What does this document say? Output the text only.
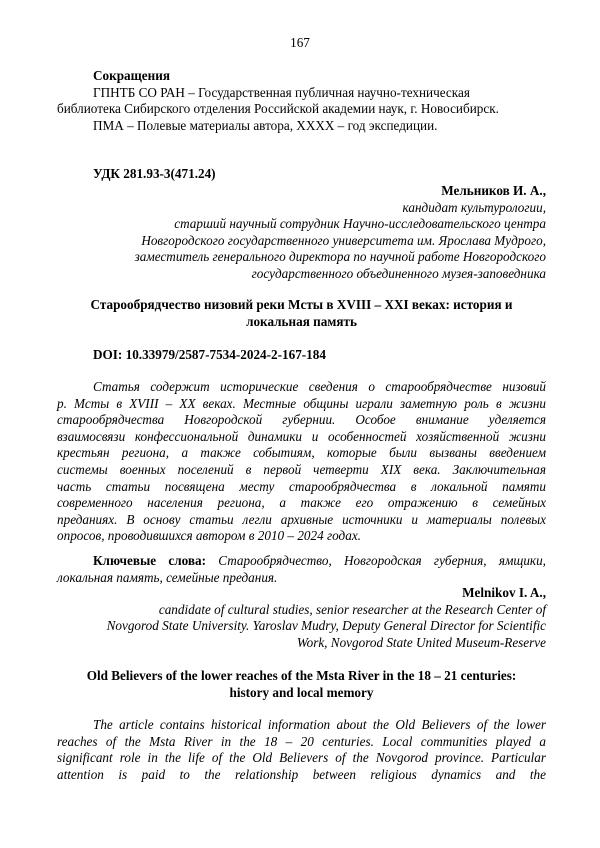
167

Сокращения

ГПНТБ СО РАН – Государственная публичная научно-техническая

библиотека Сибирского отделения Российской академии наук, г. Новосибирск.

ПМА – Полевые материалы автора, XXXX – год экспедиции.

УДК 281.93-3(471.24)

Мельников И. А.,

кандидат культурологии,

старший научный сотрудник Научно-исследовательского центра

Новгородского государственного университета им. Ярослава Мудрого,

заместитель генерального директора по научной работе Новгородского

государственного объединенного музея-заповедника

Старообрядчество низовий реки Мсты в XVIII – XXI веках: история и

локальная память

DOI: 10.33979/2587-7534-2024-2-167-184

Статья содержит исторические сведения о старообрядчестве низовий

р. Мсты в XVIII – XX веках. Местные общины играли заметную роль в жизни

старообрядчества Новгородской губернии. Особое внимание уделяется

взаимосвязи конфессиональной динамики и особенностей хозяйственной жизни

крестьян региона, а также событиям, которые были вызваны введением

системы военных поселений в первой четверти XIX века. Заключительная

часть статьи посвящена месту старообрядчества в локальной памяти

современного населения региона, а также его отражению в семейных

преданиях. В основу статьи легли архивные источники и материалы полевых

опросов, проводившихся автором в 2010 – 2024 годах.

Ключевые слова: Старообрядчество, Новгородская губерния, ямщики,

локальная память, семейные предания.

Melnikov I. A.,

candidate of cultural studies, senior researcher at the Research Center of

Novgorod State University. Yaroslav Mudry, Deputy General Director for Scientific

Work, Novgorod State United Museum-Reserve

Old Believers of the lower reaches of the Msta River in the 18 – 21 centuries:

history and local memory

The article contains historical information about the Old Believers of the lower

reaches of the Msta River in the 18 – 20 centuries. Local communities played a

significant role in the life of the Old Believers of the Novgorod province. Particular

attention is paid to the relationship between religious dynamics and the
